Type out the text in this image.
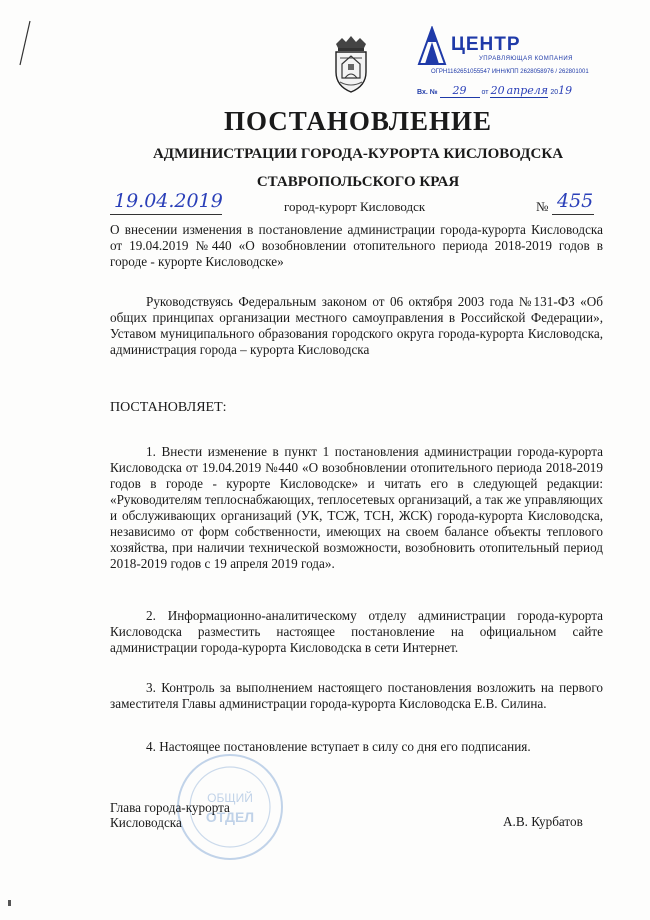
ЦЕНТР
УПРАВЛЯЮЩАЯ КОМПАНИЯ
ОГРН1162651055547 ИНН/КПП 2628058976 / 262801001
Вх. № 29 от 20 апреля 2019
ПОСТАНОВЛЕНИЕ
АДМИНИСТРАЦИИ ГОРОДА-КУРОРТА КИСЛОВОДСКА
СТАВРОПОЛЬСКОГО КРАЯ
19.04.2019	город-курорт Кисловодск	№ 455
О внесении изменения в постановление администрации города-курорта Кисловодска от 19.04.2019 №440 «О возобновлении отопительного периода 2018-2019 годов в городе - курорте Кисловодске»
Руководствуясь Федеральным законом от 06 октября 2003 года №131-ФЗ «Об общих принципах организации местного самоуправления в Российской Федерации», Уставом муниципального образования городского округа города-курорта Кисловодска, администрация города – курорта Кисловодска
ПОСТАНОВЛЯЕТ:
1. Внести изменение в пункт 1 постановления администрации города-курорта Кисловодска от 19.04.2019 №440 «О возобновлении отопительного периода 2018-2019 годов в городе - курорте Кисловодске» и читать его в следующей редакции: «Руководителям теплоснабжающих, теплосетевых организаций, а так же управляющих и обслуживающих организаций (УК, ТСЖ, ТСН, ЖСК) города-курорта Кисловодска, независимо от форм собственности, имеющих на своем балансе объекты теплового хозяйства, при наличии технической возможности, возобновить отопительный период 2018-2019 годов с 19 апреля 2019 года».
2. Информационно-аналитическому отделу администрации города-курорта Кисловодска разместить настоящее постановление на официальном сайте администрации города-курорта Кисловодска в сети Интернет.
3. Контроль за выполнением настоящего постановления возложить на первого заместителя Главы администрации города-курорта Кисловодска Е.В. Силина.
4. Настоящее постановление вступает в силу со дня его подписания.
ОБЩИЙ
ОТДЕЛ
Глава города-курорта
Кисловодска	А.В. Курбатов
